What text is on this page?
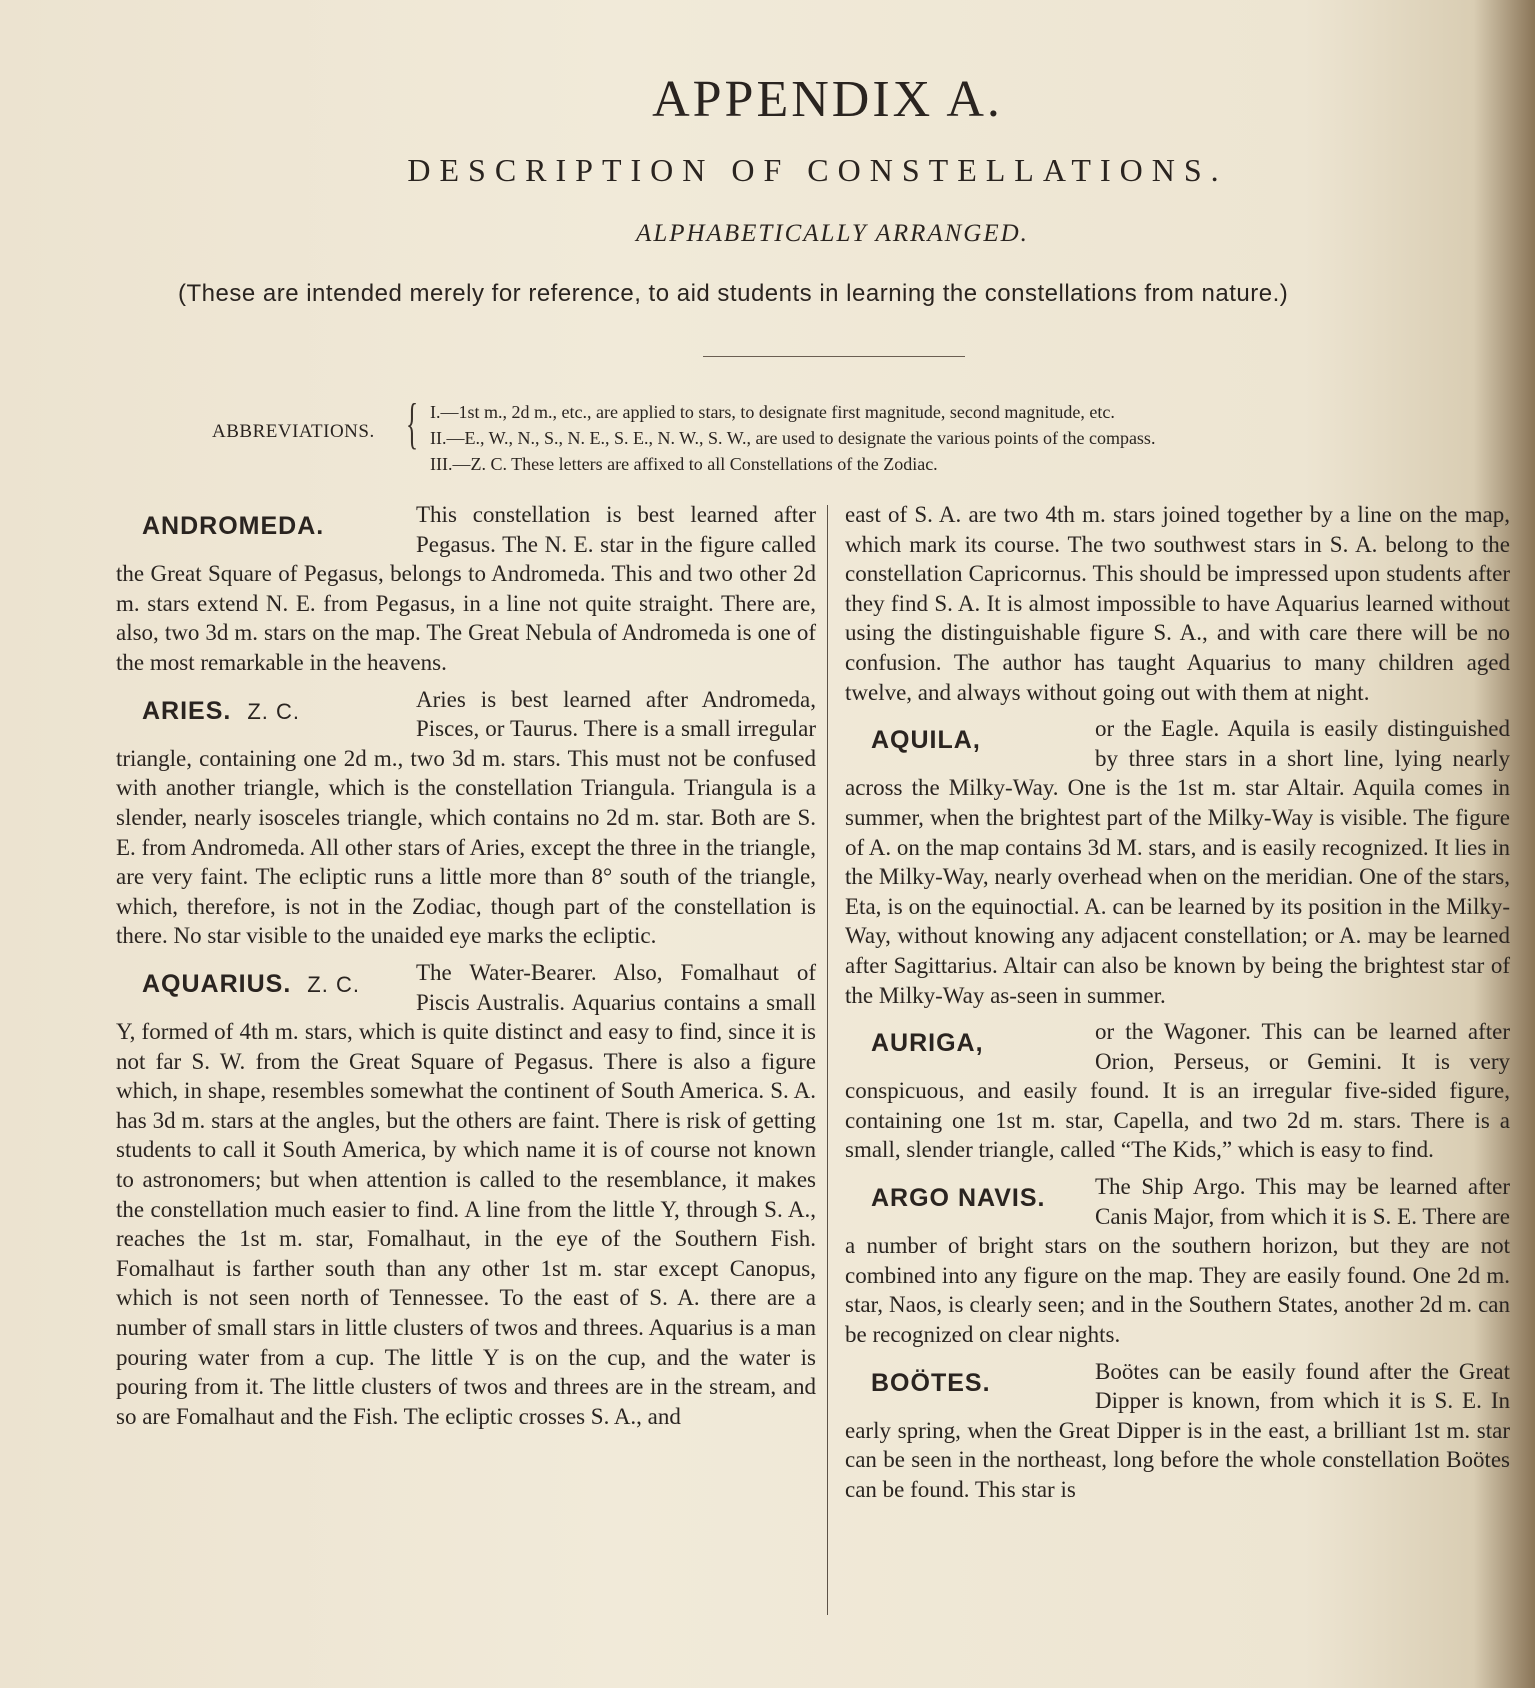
APPENDIX A.
DESCRIPTION OF CONSTELLATIONS.
ALPHABETICALLY ARRANGED.
(These are intended merely for reference, to aid students in learning the constellations from nature.)
ABBREVIATIONS. { I.—1st m., 2d m., etc., are applied to stars, to designate first magnitude, second magnitude, etc.
II.—E., W., N., S., N. E., S. E., N. W., S. W., are used to designate the various points of the compass.
III.—Z. C. These letters are affixed to all Constellations of the Zodiac.
ANDROMEDA.	This constellation is best learned after Pegasus. The N. E. star in the figure called the Great Square of Pegasus, belongs to Andromeda. This and two other 2d m. stars extend N. E. from Pegasus, in a line not quite straight. There are, also, two 3d m. stars on the map. The Great Nebula of Andromeda is one of the most remarkable in the heavens.

ARIES. Z. C.	Aries is best learned after Andromeda, Pisces, or Taurus. There is a small irregular triangle, containing one 2d m., two 3d m. stars. This must not be confused with another triangle, which is the constellation Triangula. Triangula is a slender, nearly isosceles triangle, which contains no 2d m. star. Both are S. E. from Andromeda. All other stars of Aries, except the three in the triangle, are very faint. The ecliptic runs a little more than 8° south of the triangle, which, therefore, is not in the Zodiac, though part of the constellation is there. No star visible to the unaided eye marks the ecliptic.

AQUARIUS. Z. C.	The Water-Bearer. Also, Fomalhaut of Piscis Australis. Aquarius contains a small Y, formed of 4th m. stars, which is quite distinct and easy to find, since it is not far S. W. from the Great Square of Pegasus. There is also a figure which, in shape, resembles somewhat the continent of South America. S. A. has 3d m. stars at the angles, but the others are faint. There is risk of getting students to call it South America, by which name it is of course not known to astronomers; but when attention is called to the resemblance, it makes the constellation much easier to find. A line from the little Y, through S. A., reaches the 1st m. star, Fomalhaut, in the eye of the Southern Fish. Fomalhaut is farther south than any other 1st m. star except Canopus, which is not seen north of Tennessee. To the east of S. A. there are a number of small stars in little clusters of twos and threes. Aquarius is a man pouring water from a cup. The little Y is on the cup, and the water is pouring from it. The little clusters of twos and threes are in the stream, and so are Fomalhaut and the Fish. The ecliptic crosses S. A., and

east of S. A. are two 4th m. stars joined together by a line on the map, which mark its course. The two southwest stars in S. A. belong to the constellation Capricornus. This should be impressed upon students after they find S. A. It is almost impossible to have Aquarius learned without using the distinguishable figure S. A., and with care there will be no confusion. The author has taught Aquarius to many children aged twelve, and always without going out with them at night.

AQUILA,	or the Eagle. Aquila is easily distinguished by three stars in a short line, lying nearly across the Milky-Way. One is the 1st m. star Altair. Aquila comes in summer, when the brightest part of the Milky-Way is visible. The figure of A. on the map contains 3d M. stars, and is easily recognized. It lies in the Milky-Way, nearly overhead when on the meridian. One of the stars, Eta, is on the equinoctial. A. can be learned by its position in the Milky-Way, without knowing any adjacent constellation; or A. may be learned after Sagittarius. Altair can also be known by being the brightest star of the Milky-Way as-seen in summer.

AURIGA,	or the Wagoner. This can be learned after Orion, Perseus, or Gemini. It is very conspicuous, and easily found. It is an irregular five-sided figure, containing one 1st m. star, Capella, and two 2d m. stars. There is a small, slender triangle, called “The Kids,” which is easy to find.

ARGO NAVIS.	The Ship Argo. This may be learned after Canis Major, from which it is S. E. There are a number of bright stars on the southern horizon, but they are not combined into any figure on the map. They are easily found. One 2d m. star, Naos, is clearly seen; and in the Southern States, another 2d m. can be recognized on clear nights.

BOÖTES.	Boötes can be easily found after the Great Dipper is known, from which it is S. E. In early spring, when the Great Dipper is in the east, a brilliant 1st m. star can be seen in the northeast, long before the whole constellation Boötes can be found. This star is
